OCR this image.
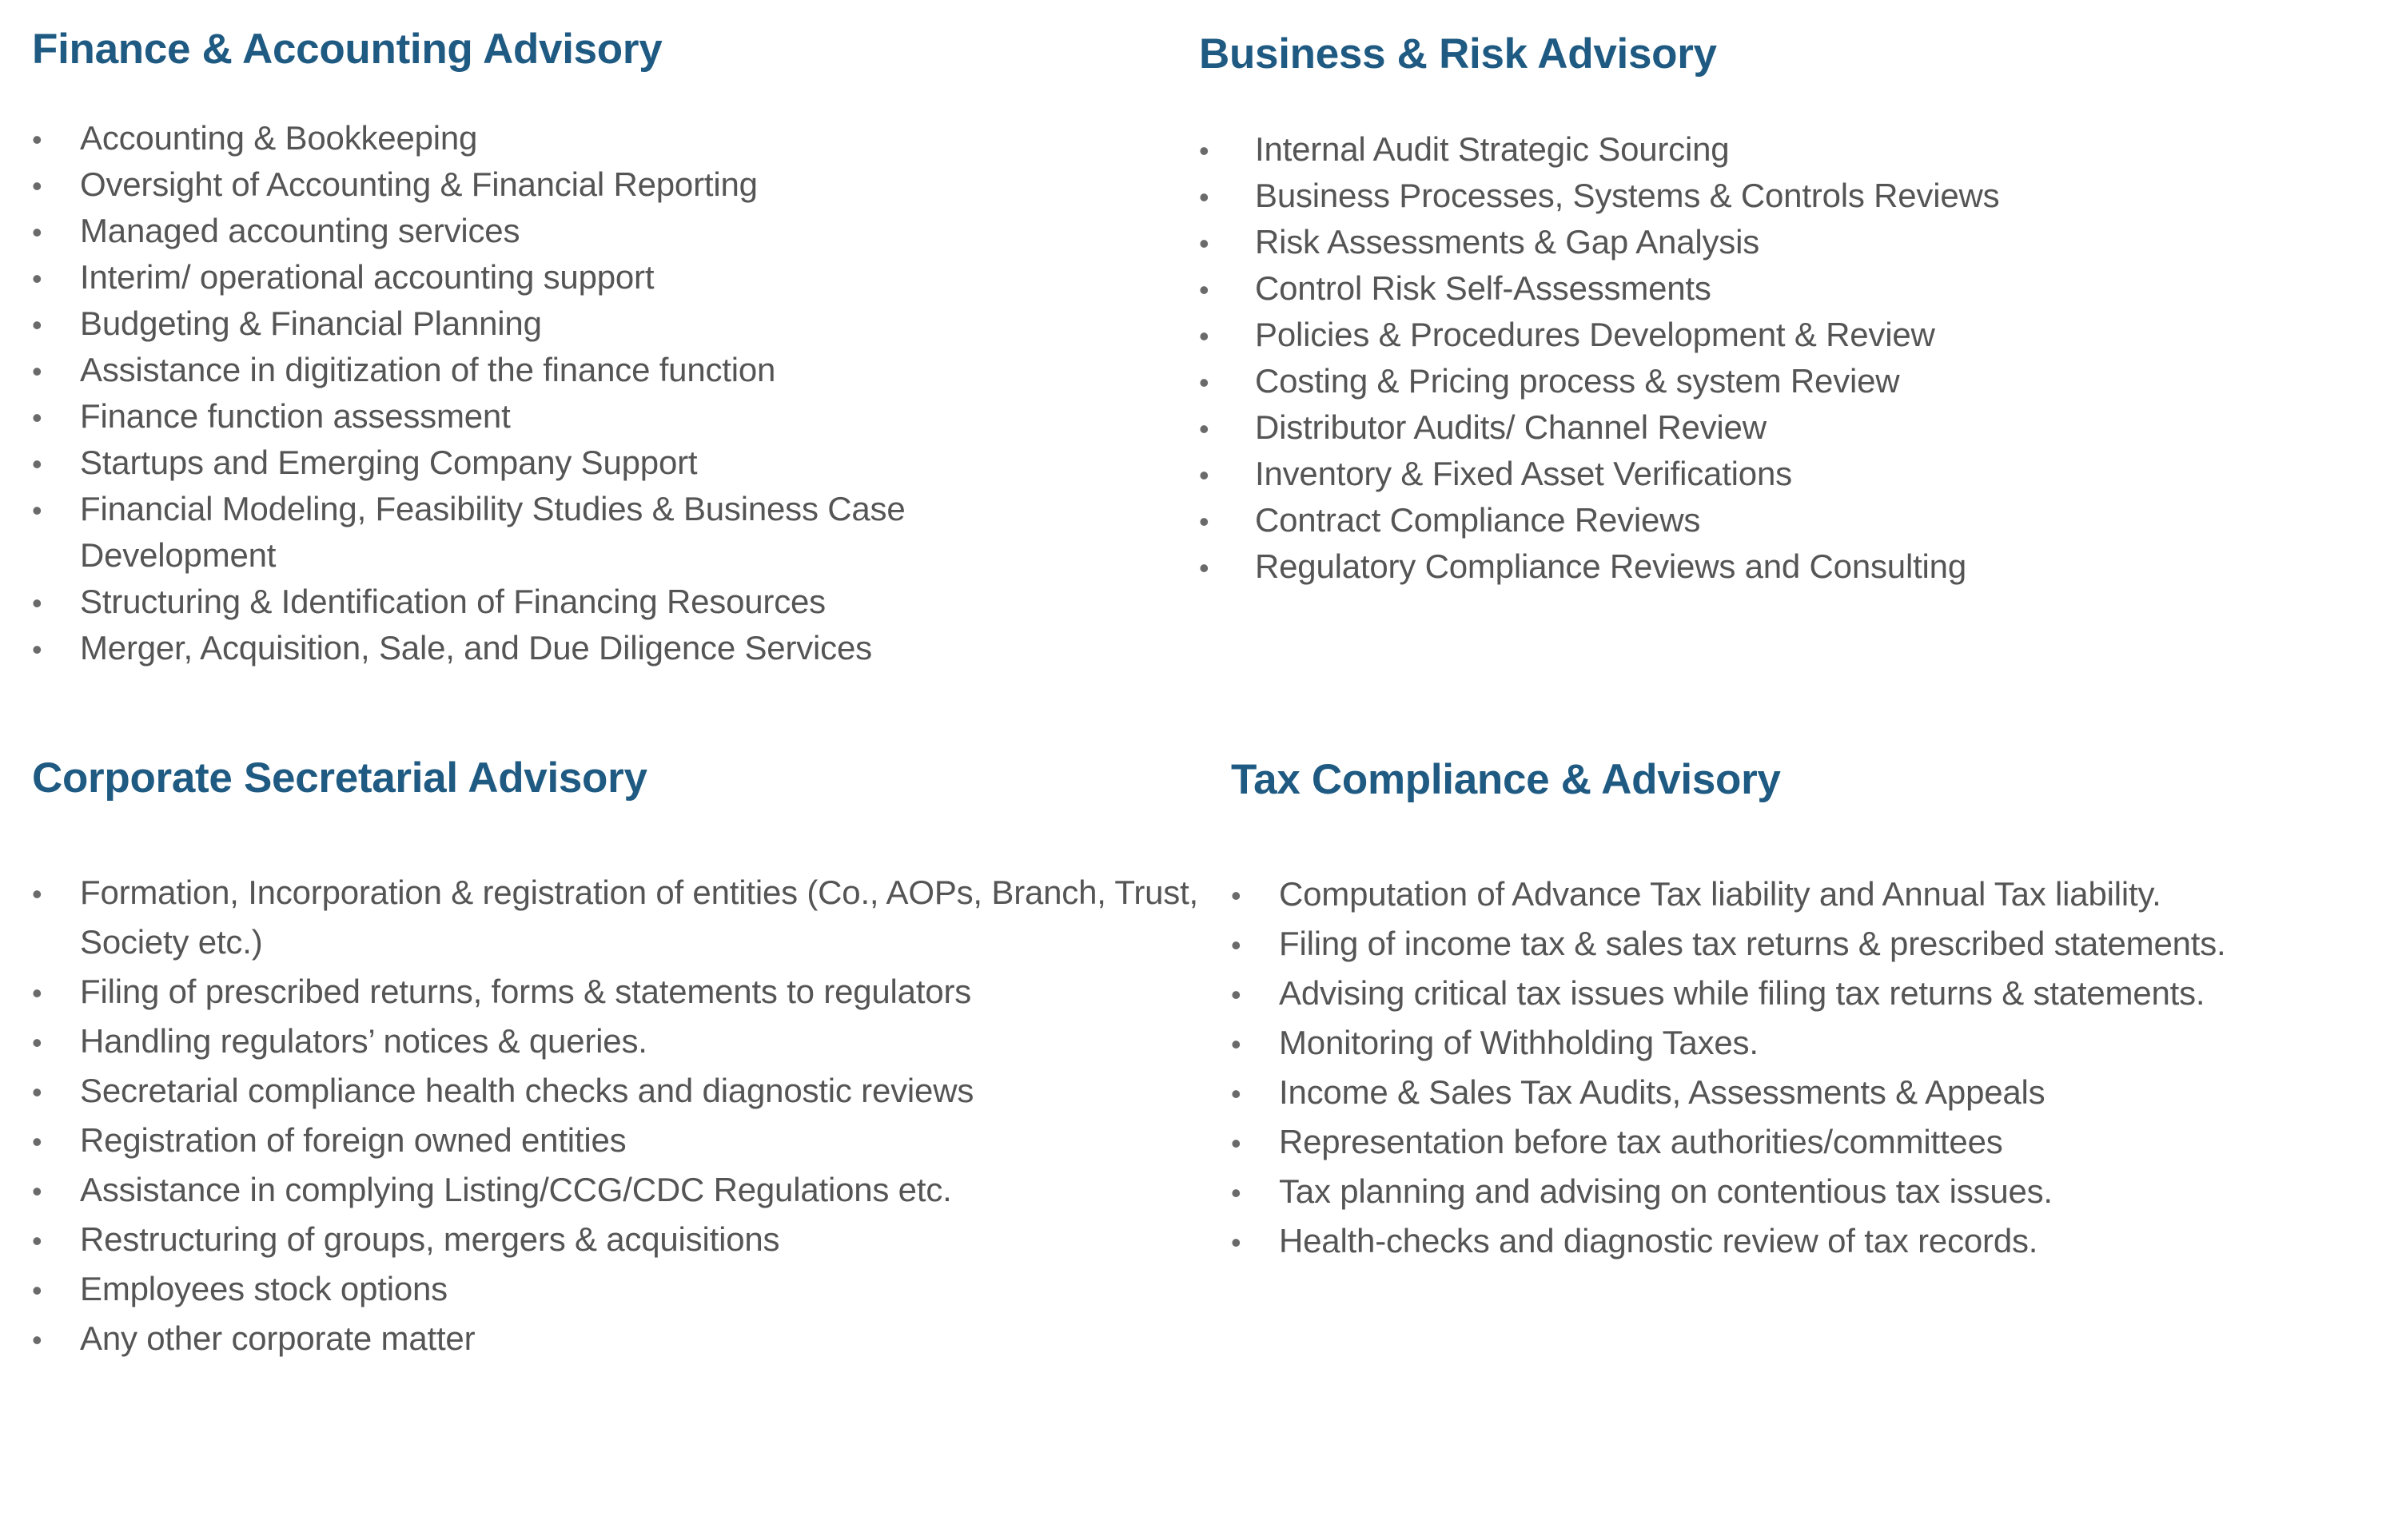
Finance & Accounting Advisory
•
Accounting & Bookkeeping
•
Oversight of Accounting & Financial Reporting
•
Managed accounting services
•
Interim/ operational accounting support
•
Budgeting & Financial Planning
•
Assistance in digitization of the finance function
•
Finance function assessment
•
Startups and Emerging Company Support
•
Financial Modeling, Feasibility Studies & Business Case Development
•
Structuring & Identification of Financing Resources
•
Merger, Acquisition, Sale, and Due Diligence Services
Business & Risk Advisory
•
Internal Audit Strategic Sourcing
•
Business Processes, Systems & Controls Reviews
•
Risk Assessments & Gap Analysis
•
Control Risk Self-Assessments
•
Policies & Procedures Development & Review
•
Costing & Pricing process & system Review
•
Distributor Audits/ Channel Review
•
Inventory & Fixed Asset Verifications
•
Contract Compliance Reviews
•
Regulatory Compliance Reviews and Consulting
Corporate Secretarial Advisory
•
Formation, Incorporation & registration of entities (Co., AOPs, Branch, Trust, Society etc.)
•
Filing of prescribed returns, forms & statements to regulators
•
Handling regulators’ notices & queries.
•
Secretarial compliance health checks and diagnostic reviews
•
Registration of foreign owned entities
•
Assistance in complying Listing/CCG/CDC Regulations etc.
•
Restructuring of groups, mergers & acquisitions
•
Employees stock options
•
Any other corporate matter
Tax Compliance & Advisory
•
Computation of Advance Tax liability and Annual Tax liability.
•
Filing of income tax & sales tax returns & prescribed statements.
•
Advising critical tax issues while filing tax returns & statements.
•
Monitoring of Withholding Taxes.
•
Income & Sales Tax Audits, Assessments & Appeals
•
Representation before tax authorities/committees
•
Tax planning and advising on contentious tax issues.
•
Health-checks and diagnostic review of tax records.
